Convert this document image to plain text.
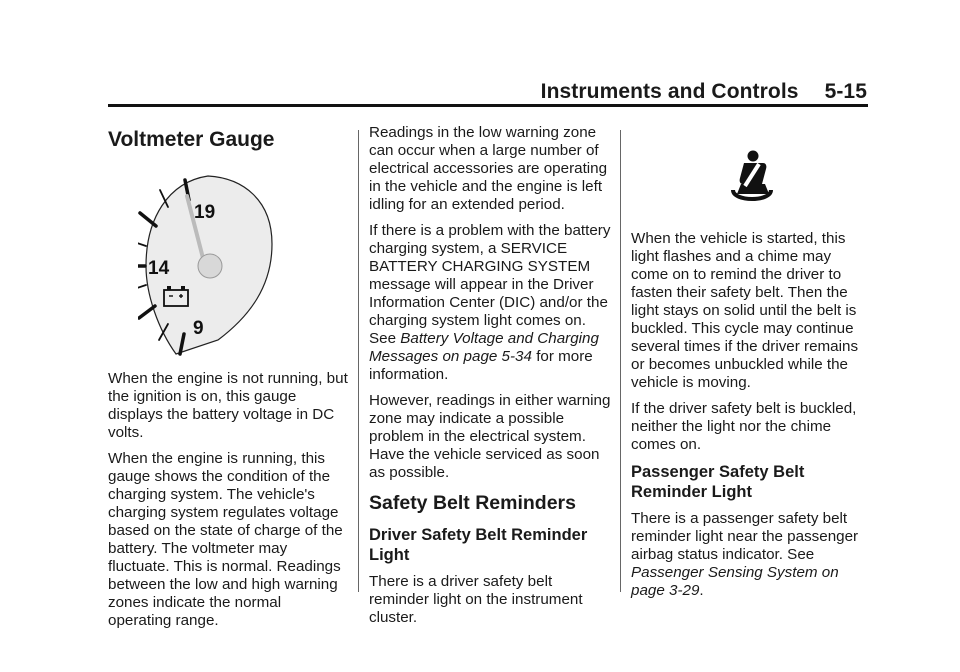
Instruments and Controls 5-15
Voltmeter Gauge
19
14
9

When the engine is not running, but the ignition is on, this gauge displays the battery voltage in DC volts.

When the engine is running, this gauge shows the condition of the charging system. The vehicle's charging system regulates voltage based on the state of charge of the battery. The voltmeter may fluctuate. This is normal. Readings between the low and high warning zones indicate the normal operating range.

Readings in the low warning zone can occur when a large number of electrical accessories are operating in the vehicle and the engine is left idling for an extended period.

If there is a problem with the battery charging system, a SERVICE BATTERY CHARGING SYSTEM message will appear in the Driver Information Center (DIC) and/or the charging system light comes on. See Battery Voltage and Charging Messages on page 5-34 for more information.

However, readings in either warning zone may indicate a possible problem in the electrical system. Have the vehicle serviced as soon as possible.

Safety Belt Reminders
Driver Safety Belt Reminder Light

There is a driver safety belt reminder light on the instrument cluster.

When the vehicle is started, this light flashes and a chime may come on to remind the driver to fasten their safety belt. Then the light stays on solid until the belt is buckled. This cycle may continue several times if the driver remains or becomes unbuckled while the vehicle is moving.

If the driver safety belt is buckled, neither the light nor the chime comes on.

Passenger Safety Belt Reminder Light

There is a passenger safety belt reminder light near the passenger airbag status indicator. See Passenger Sensing System on page 3-29.
